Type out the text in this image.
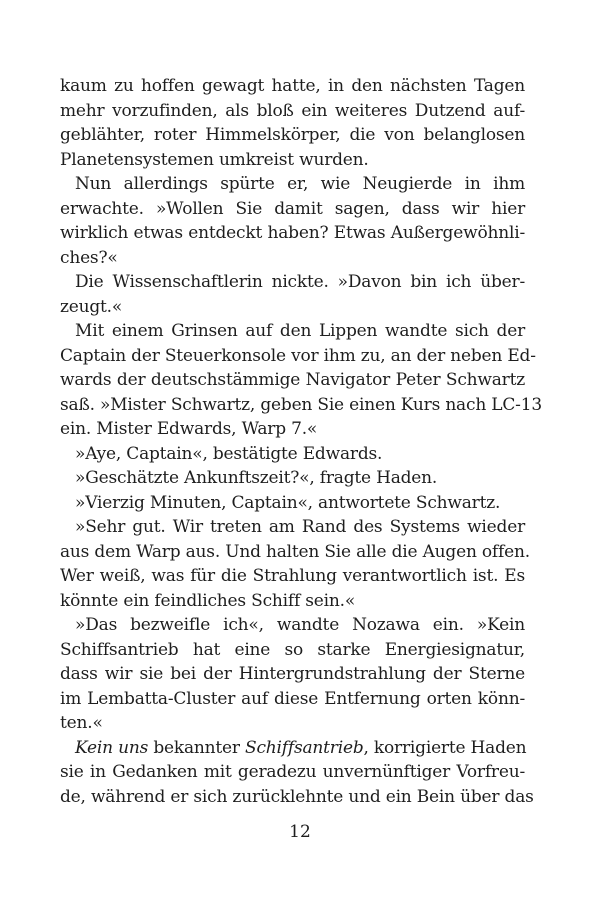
kaum zu hoffen gewagt hatte, in den nächsten Tagen
mehr vorzufinden, als bloß ein weiteres Dutzend auf-
geblähter, roter Himmelskörper, die von belanglosen
Planetensystemen umkreist wurden.
Nun allerdings spürte er, wie Neugierde in ihm
erwachte. »Wollen Sie damit sagen, dass wir hier
wirklich etwas entdeckt haben? Etwas Außergewöhnli-
ches?«
Die Wissenschaftlerin nickte. »Davon bin ich über-
zeugt.«
Mit einem Grinsen auf den Lippen wandte sich der
Captain der Steuerkonsole vor ihm zu, an der neben Ed-
wards der deutschstämmige Navigator Peter Schwartz
saß. »Mister Schwartz, geben Sie einen Kurs nach LC-13
ein. Mister Edwards, Warp 7.«
»Aye, Captain«, bestätigte Edwards.
»Geschätzte Ankunftszeit?«, fragte Haden.
»Vierzig Minuten, Captain«, antwortete Schwartz.
»Sehr gut. Wir treten am Rand des Systems wieder
aus dem Warp aus. Und halten Sie alle die Augen offen.
Wer weiß, was für die Strahlung verantwortlich ist. Es
könnte ein feindliches Schiff sein.«
»Das bezweifle ich«, wandte Nozawa ein. »Kein
Schiffsantrieb hat eine so starke Energiesignatur,
dass wir sie bei der Hintergrundstrahlung der Sterne
im Lembatta-Cluster auf diese Entfernung orten könn-
ten.«
Kein uns bekannter Schiffsantrieb, korrigierte Haden
sie in Gedanken mit geradezu unvernünftiger Vorfreu-
de, während er sich zurücklehnte und ein Bein über das
12
